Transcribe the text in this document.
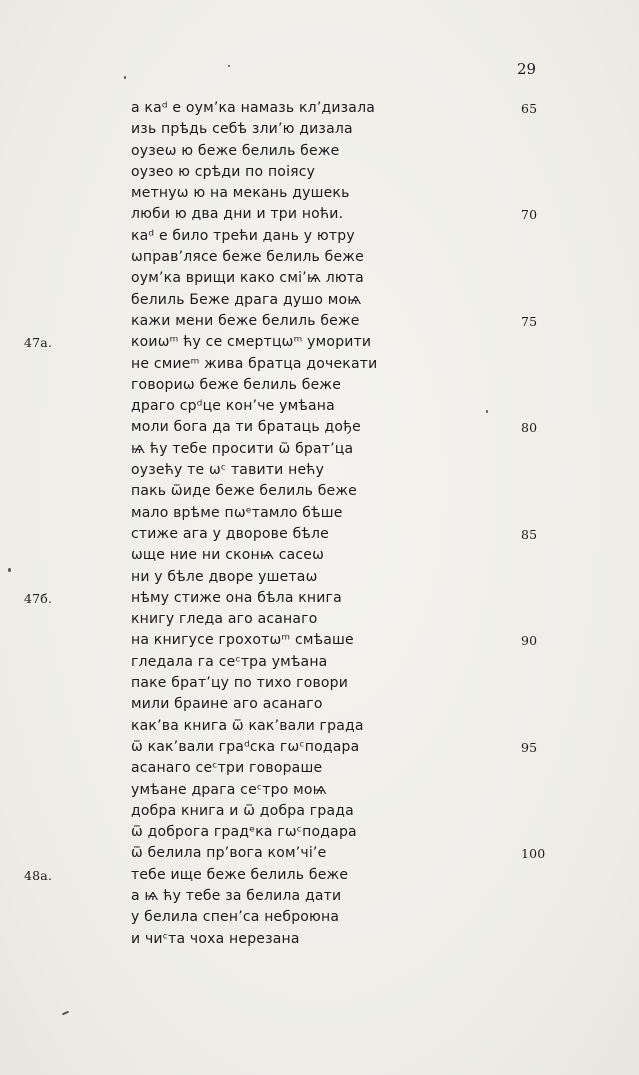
29
а каᵈ е оум’ка намазь кл’дизала	65
изь прѣдь себѣ зли’ю дизала
оузеѡ ю беже белиль беже
оузео ю срѣди по поіясу
метнуѡ ю на мекань душекь
люби ю два дни и три ноћи.	70
каᵈ е било трећи дань у ютру
ѡправ’лясе беже белиль беже
оум’ка врищи како смі’ѩ люта
белиль Беже драга душо моѩ
кажи мени беже белиль беже	75
коиѡᵐ ћу се смертцѡᵐ уморити
47а.
не смиеᵐ жива братца дочекати
говориѡ беже белиль беже
драго срᵈце кон’че умѣана
моли бога да ти братаць дође	80
ѩ ћу тебе просити ѿ брат’ца
оузећу те ѡᶜ тавити нећу
пакь ѿиде беже белиль беже
мало врѣме пѡᵉтамло бѣше
стиже ага у дворове бѣле	85
ѡще ние ни сконѩ сасеѡ
ни у бѣле дворе ушетаѡ
нѣму стиже она бѣла книга
47б.
книгу гледа аго асанаго
на книгусе грохотѡᵐ смѣаше	90
гледала га сеᶜтра умѣана
паке брат’цу по тихо говори
мили браине аго асанаго
как’ва книга ѿ как’вали града
ѿ как’вали граᵈска гѡᶜподара	95
асанаго сеᶜтри говораше
умѣане драга сеᶜтро моѩ
добра книга и ѿ добра града
ѿ доброга градᵉка гѡᶜподара
ѿ белила пр’вога ком’чі’е	100
тебе ище беже белиль беже
48а.
а ѩ ћу тебе за белила дати
у белила спен’са неброюна
и чиᶜта чоха нерезана
